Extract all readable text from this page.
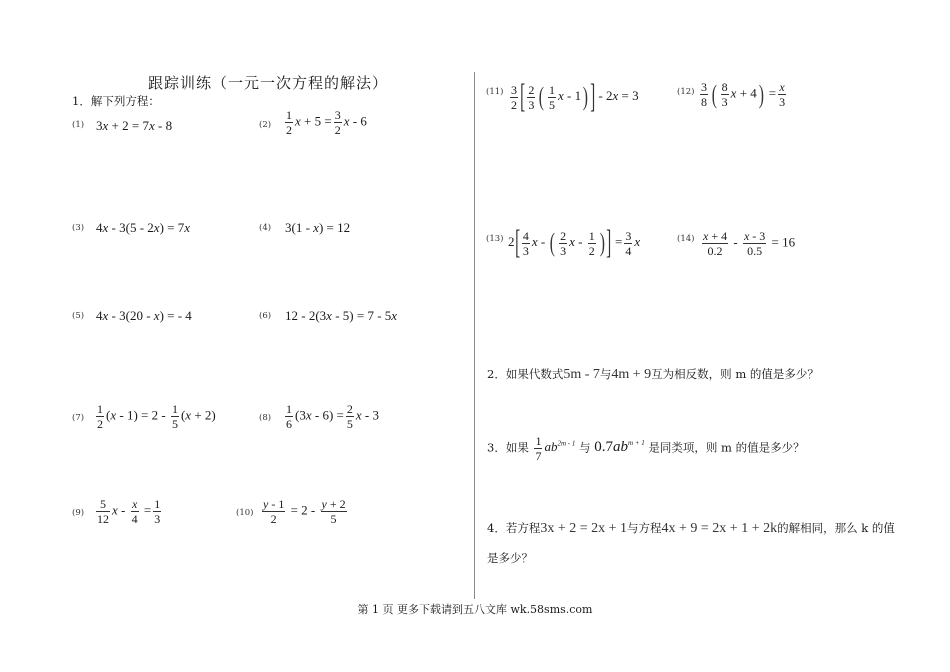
跟踪训练（一元一次方程的解法）
1．解下列方程：
(1) 3x + 2 = 7x - 8	$(2) \frac{1}{2}$ $x + 5 = \frac{3}{2}$ x - 6
(3) 4x - 3(5 - 2x) = 7x	(4) 3(1 - x) = 12
(5) 4x - 3(20 - x) = - 4	(6) 12 - 2(3x - 5) = 7 - 5x
$(7) \frac{1}{2} (x - 1) = 2 - \frac{1}{5} (x + 2)$	$(8) \frac{1}{6} (3x - 6) = \frac{2}{5}$ x - 3
$(9) \frac{5}{12}$ $x - \frac{x}{4} = \frac{1}{3}$	$(10) \frac{y - 1}{2} = 2 - \frac{y + 2}{5}$
$(11) \frac{3}{2}$ [ $\frac{2}{3}$ ( $\frac{1}{5}$ x - 1)] - 2x = 3	$(12) \frac{3}{8}$ ( $\frac{8}{3}$ $x + 4) = \frac{x}{3}$
(13) $2[ \frac{4}{3}$ x - ( $\frac{2}{3}$ x - $\frac{1}{2}$ )] = $\frac{3}{4}$ x	$(14) \frac{x + 4}{0.2} - \frac{x - 3}{0.5} = 16$
2．如果代数式5m - 7与4m + 9互为相反数，则 m 的值是多少？
3．如果 $\frac{1}{7} ab^{2m - 1}$ 与 $0.7ab^{m + 1}$ 是同类项，则 m 的值是多少？
4．若方程3x + 2 = 2x + 1与方程4x + 9 = 2x + 1 + 2k的解相同，那么 k 的值
是多少？
第 1 页 更多下载请到五八文库 wk.58sms.com
